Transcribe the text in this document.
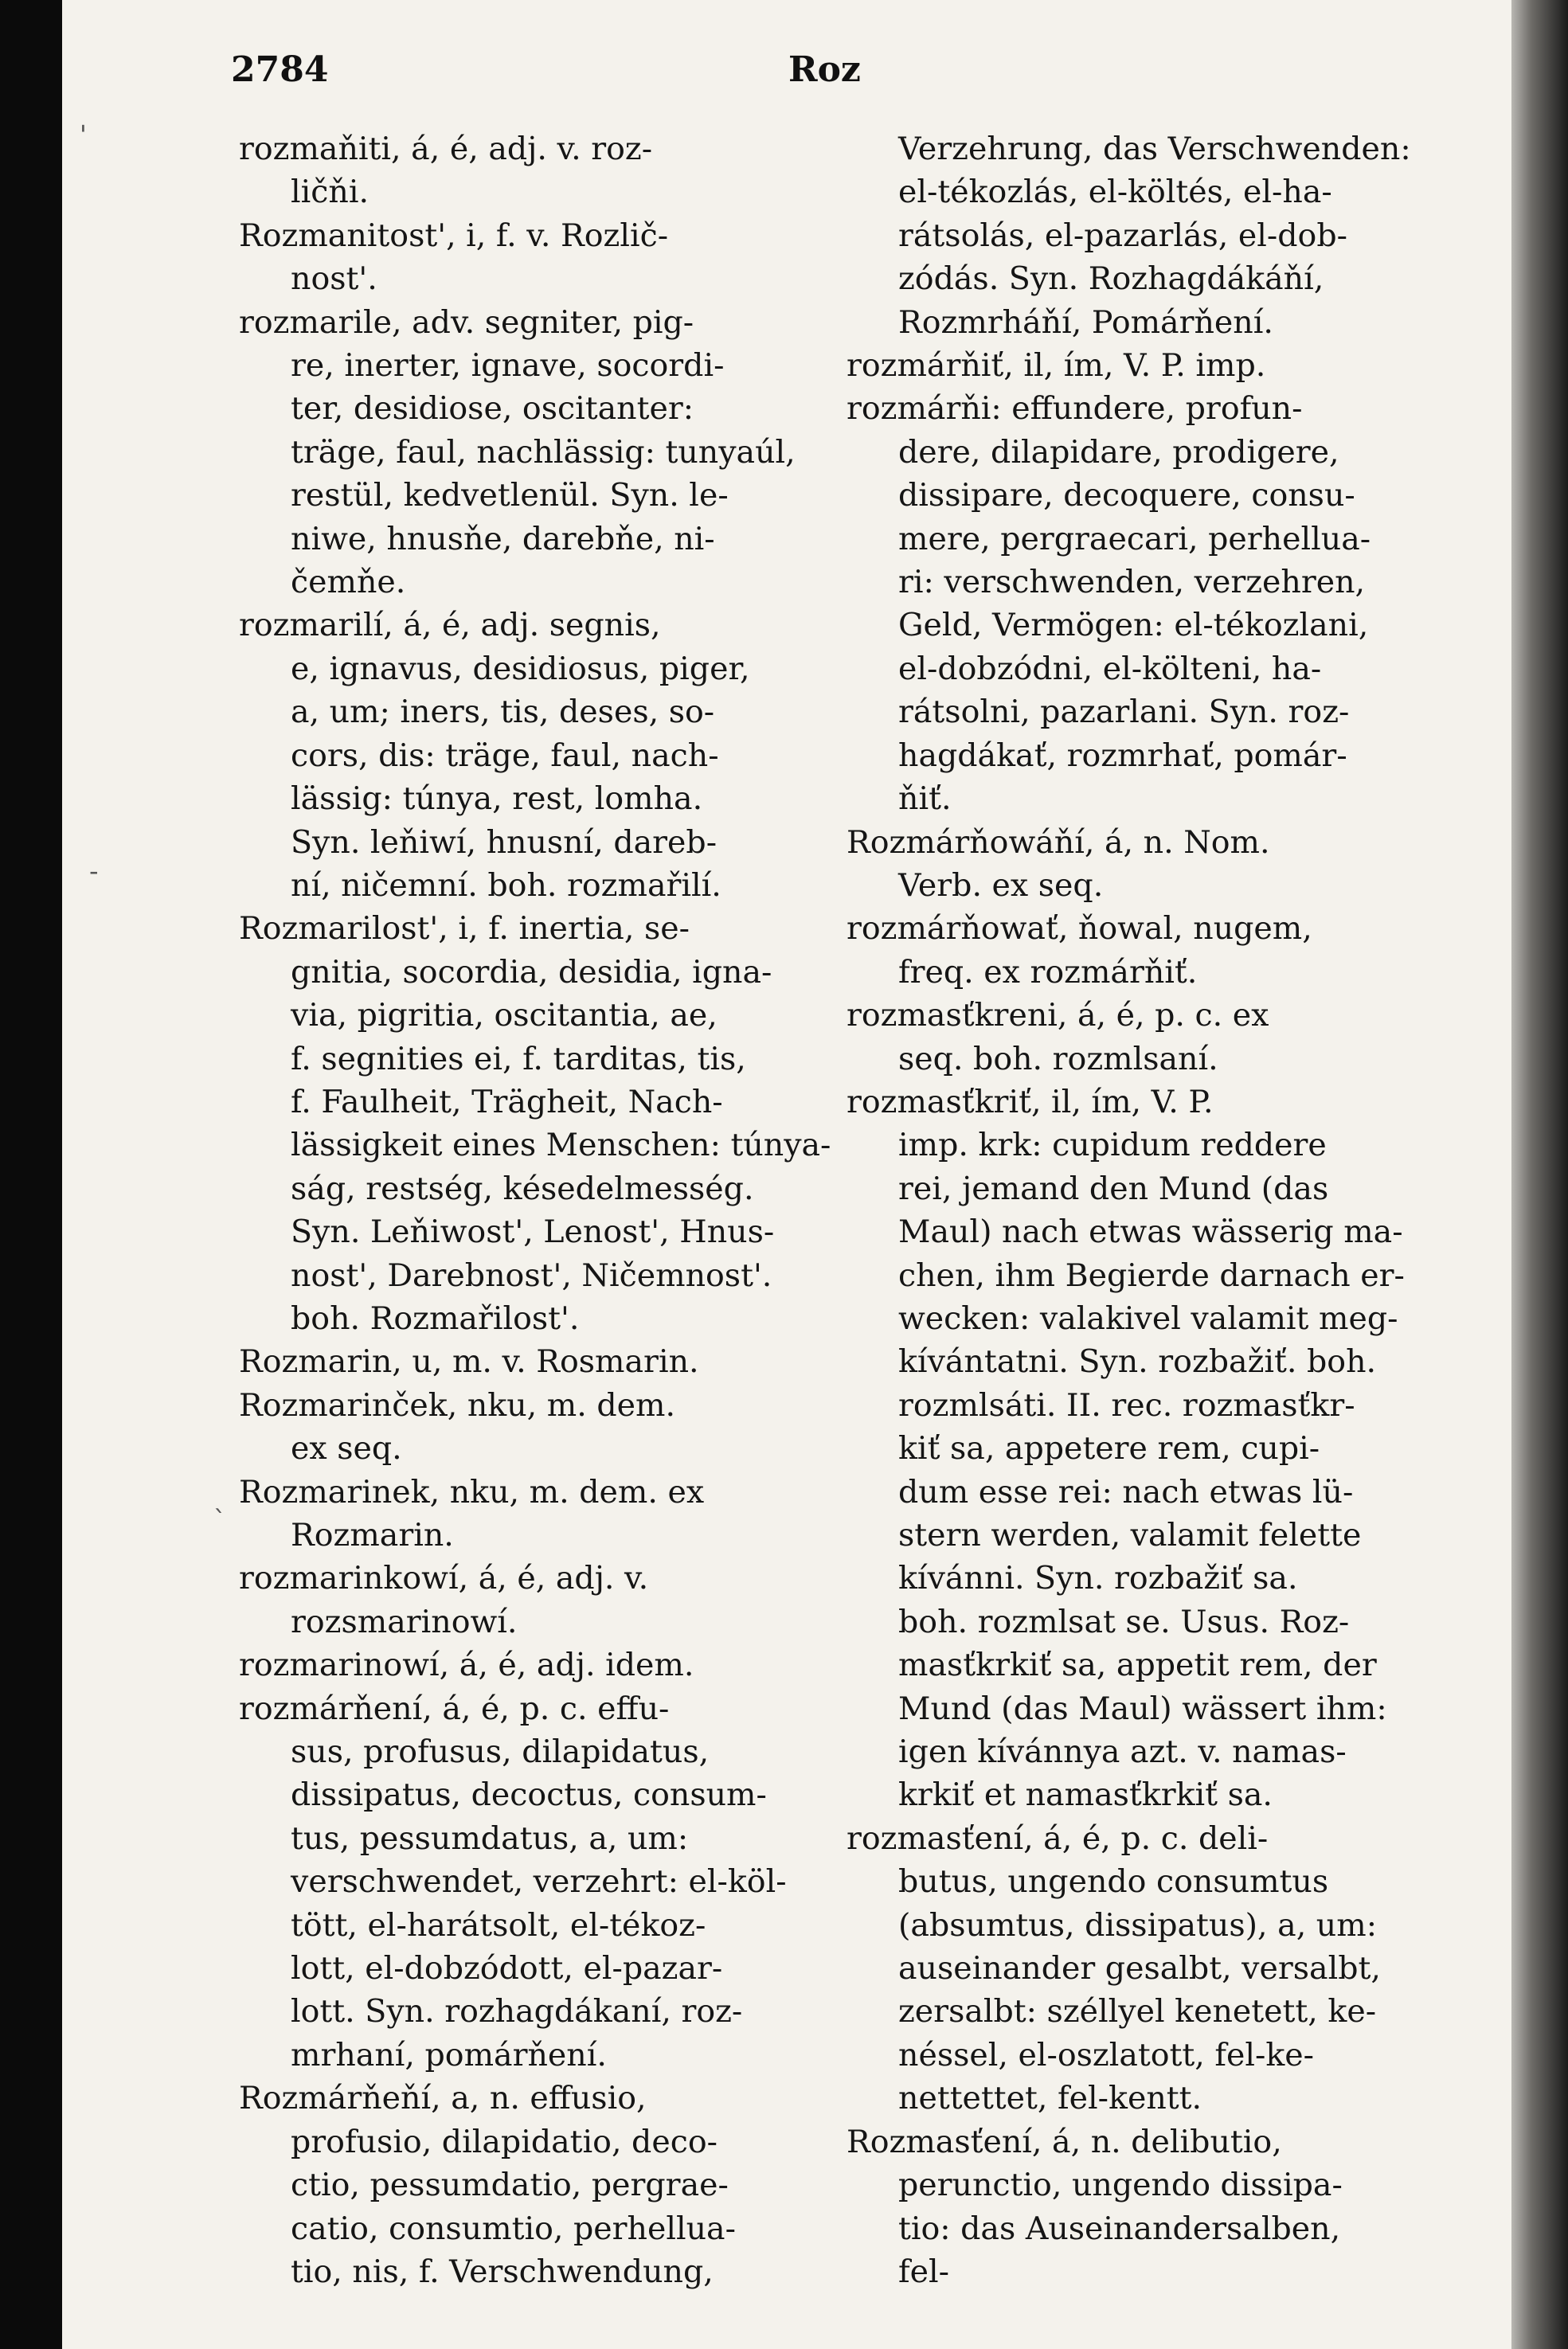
2784	Roz

rozmaňiti, á, é, adj. v. roz-
ličňi.

Rozmanitost', i, f. v. Rozlič-
nost'.

rozmarile, adv. segniter, pig-
re, inerter, ignave, socordi-
ter, desidiose, oscitanter:
träge, faul, nachlässig: tunyaúl,
restül, kedvetlenül. Syn. le-
niwe, hnusňe, darebňe, ni-
čemňe.

rozmarilí, á, é, adj. segnis,
e, ignavus, desidiosus, piger,
a, um; iners, tis, deses, so-
cors, dis: träge, faul, nach-
lässig: túnya, rest, lomha.
Syn. leňiwí, hnusní, dareb-
ní, ničemní. boh. rozmařilí.

Rozmarilost', i, f. inertia, se-
gnitia, socordia, desidia, igna-
via, pigritia, oscitantia, ae,
f. segnities ei, f. tarditas, tis,
f. Faulheit, Trägheit, Nach-
lässigkeit eines Menschen: túnya-
ság, restség, késedelmesség.
Syn. Leňiwost', Lenost', Hnus-
nost', Darebnost', Ničemnost'.
boh. Rozmařilost'.

Rozmarin, u, m. v. Rosmarin.

Rozmarinček, nku, m. dem.
ex seq.

Rozmarinek, nku, m. dem. ex
Rozmarin.

rozmarinkowí, á, é, adj. v.
rozsmarinowí.

rozmarinowí, á, é, adj. idem.

rozmárňení, á, é, p. c. effu-
sus, profusus, dilapidatus,
dissipatus, decoctus, consum-
tus, pessumdatus, a, um:
verschwendet, verzehrt: el-köl-
tött, el-harátsolt, el-tékoz-
lott, el-dobzódott, el-pazar-
lott. Syn. rozhagdákaní, roz-
mrhaní, pomárňení.

Rozmárňeňí, a, n. effusio,
profusio, dilapidatio, deco-
ctio, pessumdatio, pergrae-
catio, consumtio, perhellua-
tio, nis, f. Verschwendung,

Verzehrung, das Verschwenden:
el-tékozlás, el-költés, el-ha-
rátsolás, el-pazarlás, el-dob-
zódás. Syn. Rozhagdákáňí,
Rozmrháňí, Pomárňení.

rozmárňiť, il, ím, V. P. imp.

rozmárňi: effundere, profun-
dere, dilapidare, prodigere,
dissipare, decoquere, consu-
mere, pergraecari, perhellua-
ri: verschwenden, verzehren,
Geld, Vermögen: el-tékozlani,
el-dobzódni, el-költeni, ha-
rátsolni, pazarlani. Syn. roz-
hagdákať, rozmrhať, pomár-
ňiť.

Rozmárňowáňí, á, n. Nom.
Verb. ex seq.

rozmárňowať, ňowal, nugem,
freq. ex rozmárňiť.

rozmasťkreni, á, é, p. c. ex
seq. boh. rozmlsaní.

rozmasťkriť, il, ím, V. P.
imp. krk: cupidum reddere
rei, jemand den Mund (das
Maul) nach etwas wässerig ma-
chen, ihm Begierde darnach er-
wecken: valakivel valamit meg-
kívántatni. Syn. rozbažiť. boh.
rozmlsáti. II. rec. rozmasťkr-
kiť sa, appetere rem, cupi-
dum esse rei: nach etwas lü-
stern werden, valamit felette
kívánni. Syn. rozbažiť sa.
boh. rozmlsat se. Usus. Roz-
masťkrkiť sa, appetit rem, der
Mund (das Maul) wässert ihm:
igen kívánnya azt. v. namas-
krkiť et namasťkrkiť sa.

rozmasťení, á, é, p. c. deli-
butus, ungendo consumtus
(absumtus, dissipatus), a, um:
auseinander gesalbt, versalbt,
zersalbt: széllyel kenetett, ke-
néssel, el-oszlatott, fel-ke-
nettettet, fel-kentt.

Rozmasťení, á, n. delibutio,
perunctio, ungendo dissipa-
tio: das Auseinandersalben,
fel-

'
-
`
